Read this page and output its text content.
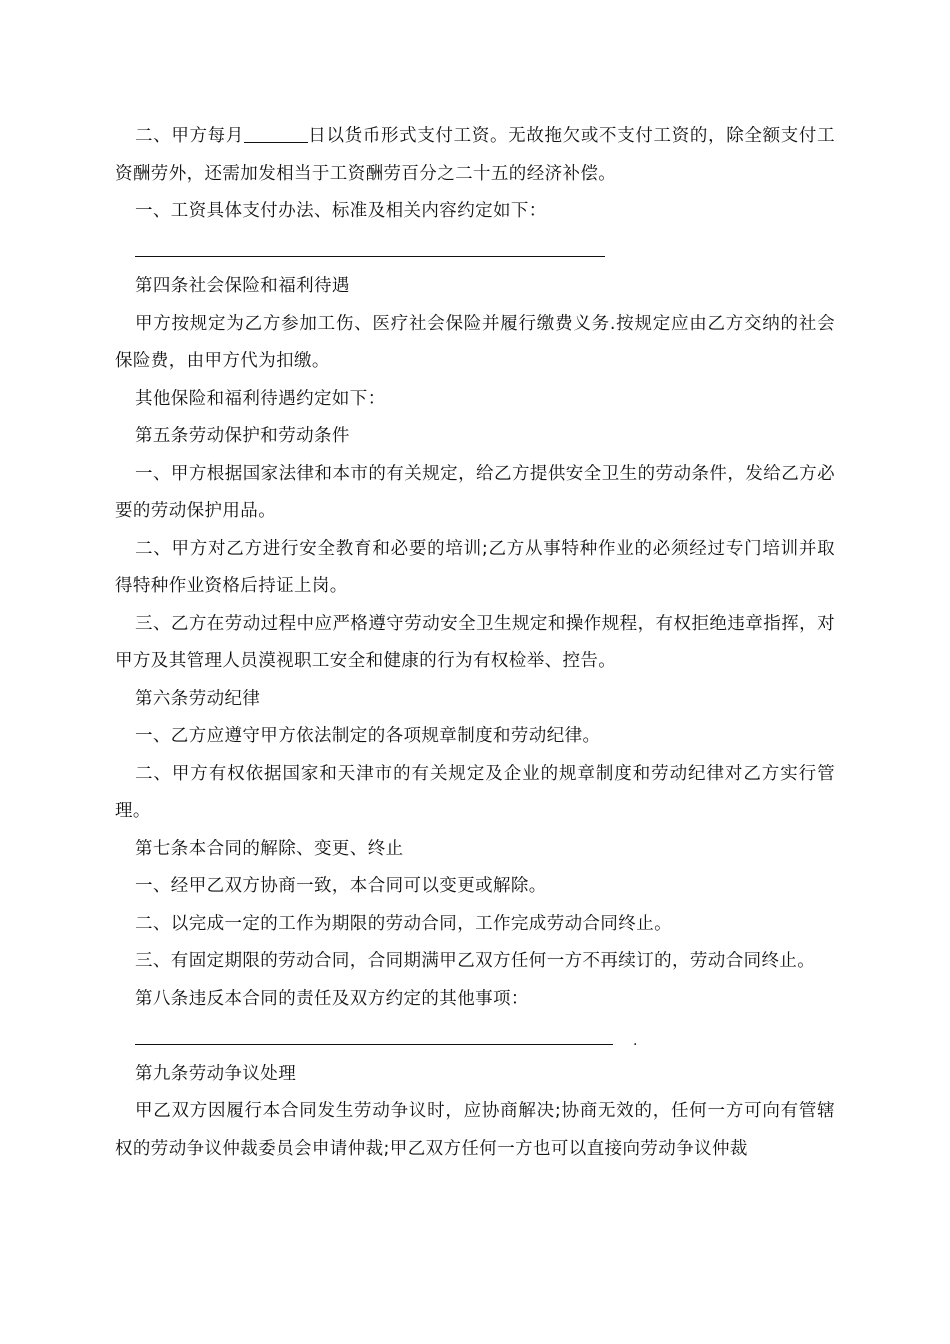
二、甲方每月	日以货币形式支付工资。无故拖欠或不支付工资的，除全额支付工资酬劳外，还需加发相当于工资酬劳百分之二十五的经济补偿。

一、工资具体支付办法、标准及相关内容约定如下：

第四条社会保险和福利待遇

甲方按规定为乙方参加工伤、医疗社会保险并履行缴费义务.按规定应由乙方交纳的社会保险费，由甲方代为扣缴。

其他保险和福利待遇约定如下：

第五条劳动保护和劳动条件

一、甲方根据国家法律和本市的有关规定，给乙方提供安全卫生的劳动条件，发给乙方必要的劳动保护用品。

二、甲方对乙方进行安全教育和必要的培训;乙方从事特种作业的必须经过专门培训并取得特种作业资格后持证上岗。

三、乙方在劳动过程中应严格遵守劳动安全卫生规定和操作规程，有权拒绝违章指挥，对甲方及其管理人员漠视职工安全和健康的行为有权检举、控告。

第六条劳动纪律

一、乙方应遵守甲方依法制定的各项规章制度和劳动纪律。

二、甲方有权依据国家和天津市的有关规定及企业的规章制度和劳动纪律对乙方实行管理。

第七条本合同的解除、变更、终止

一、经甲乙双方协商一致，本合同可以变更或解除。

二、以完成一定的工作为期限的劳动合同，工作完成劳动合同终止。

三、有固定期限的劳动合同，合同期满甲乙双方任何一方不再续订的，劳动合同终止。

第八条违反本合同的责任及双方约定的其他事项：

.

第九条劳动争议处理

甲乙双方因履行本合同发生劳动争议时，应协商解决;协商无效的，任何一方可向有管辖权的劳动争议仲裁委员会申请仲裁;甲乙双方任何一方也可以直接向劳动争议仲裁
